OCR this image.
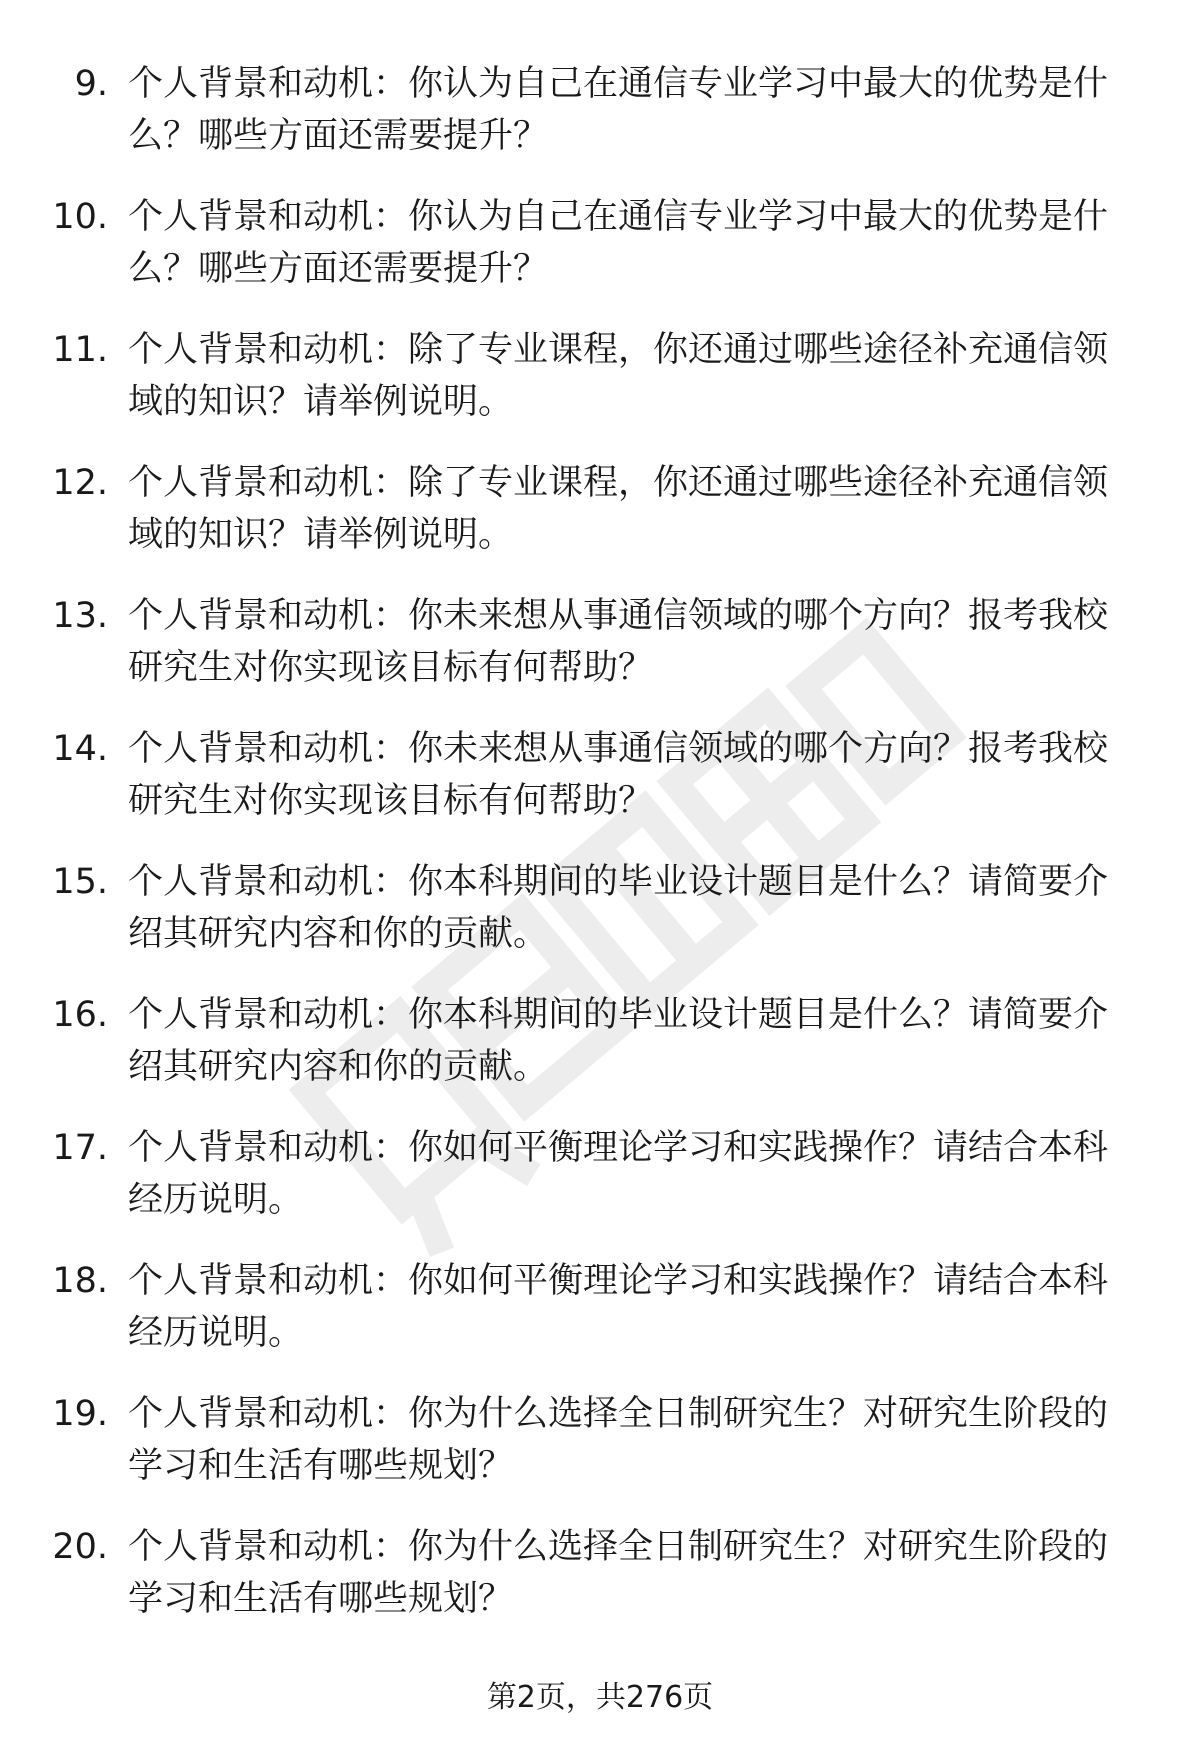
9. 个人背景和动机：你认为自己在通信专业学习中最大的优势是什么？哪些方面还需要提升？
10. 个人背景和动机：你认为自己在通信专业学习中最大的优势是什么？哪些方面还需要提升？
11. 个人背景和动机：除了专业课程，你还通过哪些途径补充通信领域的知识？请举例说明。
12. 个人背景和动机：除了专业课程，你还通过哪些途径补充通信领域的知识？请举例说明。
13. 个人背景和动机：你未来想从事通信领域的哪个方向？报考我校研究生对你实现该目标有何帮助？
14. 个人背景和动机：你未来想从事通信领域的哪个方向？报考我校研究生对你实现该目标有何帮助？
15. 个人背景和动机：你本科期间的毕业设计题目是什么？请简要介绍其研究内容和你的贡献。
16. 个人背景和动机：你本科期间的毕业设计题目是什么？请简要介绍其研究内容和你的贡献。
17. 个人背景和动机：你如何平衡理论学习和实践操作？请结合本科经历说明。
18. 个人背景和动机：你如何平衡理论学习和实践操作？请结合本科经历说明。
19. 个人背景和动机：你为什么选择全日制研究生？对研究生阶段的学习和生活有哪些规划？
20. 个人背景和动机：你为什么选择全日制研究生？对研究生阶段的学习和生活有哪些规划？
第2页，共276页
